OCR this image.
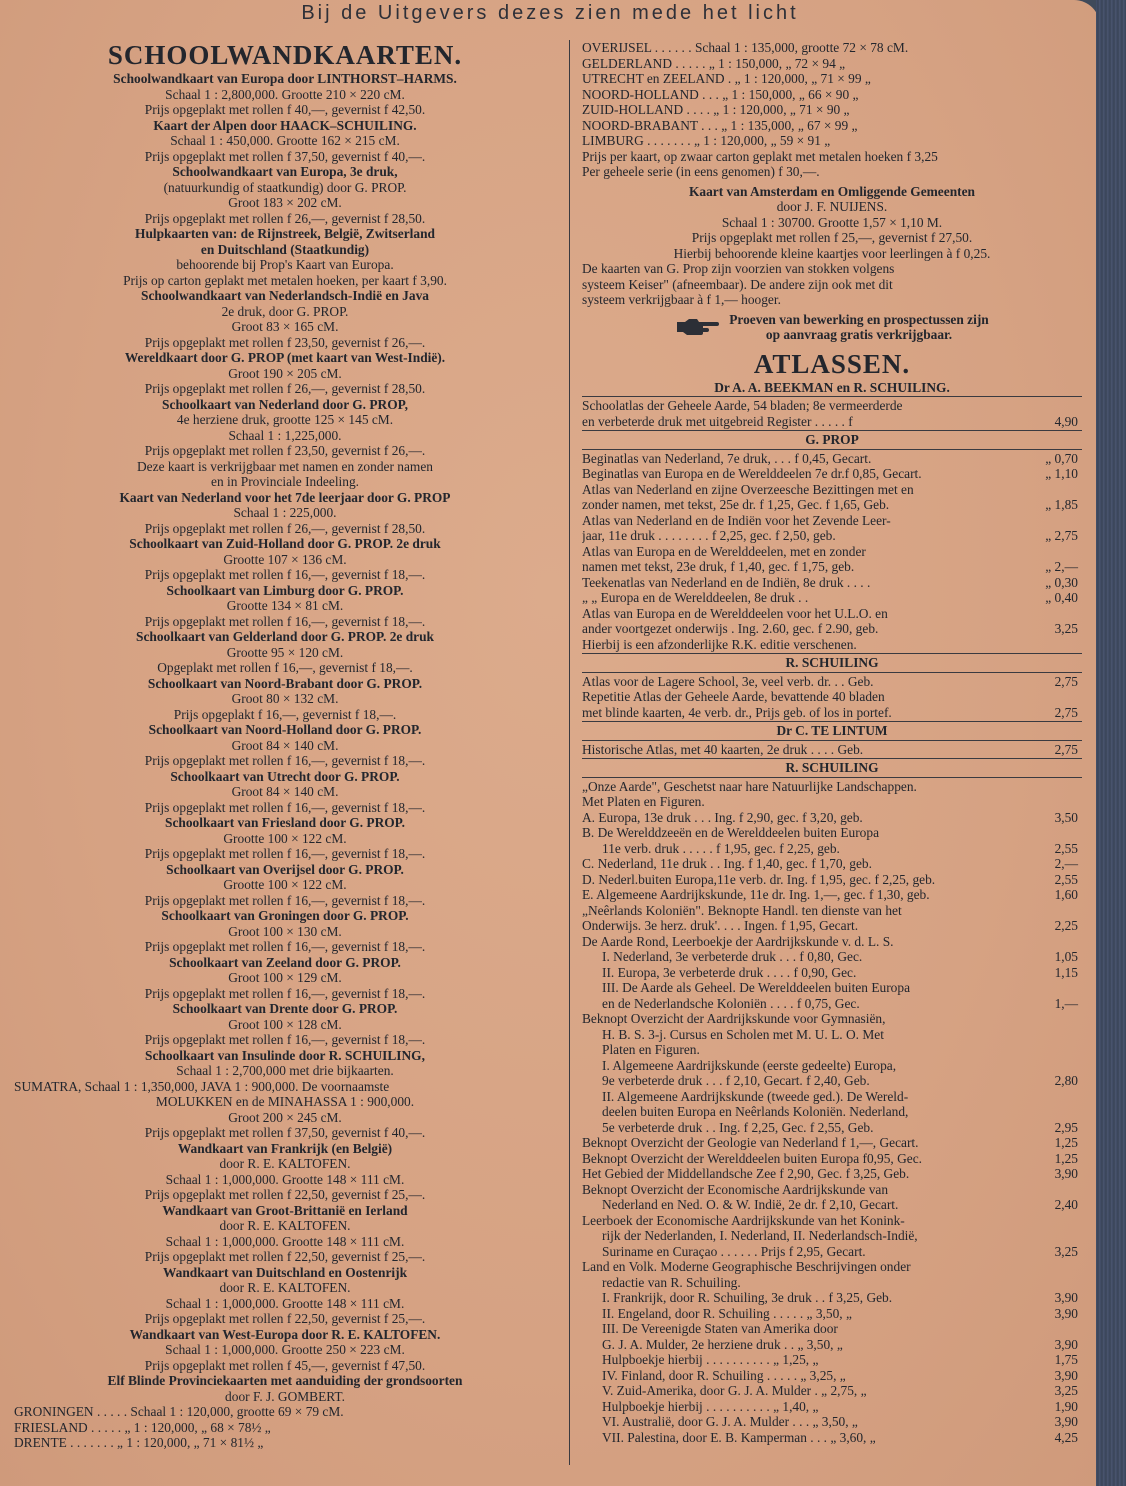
Bij de Uitgevers dezes zien mede het licht
SCHOOLWANDKAARTEN.
Schoolwandkaart van Europa door LINTHORST–HARMS.
Schaal 1 : 2,800,000. Grootte 210 × 220 cM.
Prijs opgeplakt met rollen f 40,—, gevernist f 42,50.
Kaart der Alpen door HAACK–SCHUILING.
Schaal 1 : 450,000. Grootte 162 × 215 cM.
Prijs opgeplakt met rollen f 37,50, gevernist f 40,—.
Schoolwandkaart van Europa, 3e druk,
(natuurkundig of staatkundig) door G. PROP.
Groot 183 × 202 cM.
Prijs opgeplakt met rollen f 26,—, gevernist f 28,50.
Hulpkaarten van: de Rijnstreek, België, Zwitserland
en Duitschland (Staatkundig)
behoorende bij Prop's Kaart van Europa.
Prijs op carton geplakt met metalen hoeken, per kaart f 3,90.
Schoolwandkaart van Nederlandsch-Indië en Java
2e druk, door G. PROP.
Groot 83 × 165 cM.
Prijs opgeplakt met rollen f 23,50, gevernist f 26,—.
Wereldkaart door G. PROP (met kaart van West-Indië).
Groot 190 × 205 cM.
Prijs opgeplakt met rollen f 26,—, gevernist f 28,50.
Schoolkaart van Nederland door G. PROP,
4e herziene druk, grootte 125 × 145 cM.
Schaal 1 : 1,225,000.
Prijs opgeplakt met rollen f 23,50, gevernist f 26,—.
Deze kaart is verkrijgbaar met namen en zonder namen
en in Provinciale Indeeling.
Kaart van Nederland voor het 7de leerjaar door G. PROP
Schaal 1 : 225,000.
Prijs opgeplakt met rollen f 26,—, gevernist f 28,50.
Schoolkaart van Zuid-Holland door G. PROP. 2e druk
Grootte 107 × 136 cM.
Prijs opgeplakt met rollen f 16,—, gevernist f 18,—.
Schoolkaart van Limburg door G. PROP.
Grootte 134 × 81 cM.
Prijs opgeplakt met rollen f 16,—, gevernist f 18,—.
Schoolkaart van Gelderland door G. PROP. 2e druk
Grootte 95 × 120 cM.
Opgeplakt met rollen f 16,—, gevernist f 18,—.
Schoolkaart van Noord-Brabant door G. PROP.
Groot 80 × 132 cM.
Prijs opgeplakt f 16,—, gevernist f 18,—.
Schoolkaart van Noord-Holland door G. PROP.
Groot 84 × 140 cM.
Prijs opgeplakt met rollen f 16,—, gevernist f 18,—.
Schoolkaart van Utrecht door G. PROP.
Groot 84 × 140 cM.
Prijs opgeplakt met rollen f 16,—, gevernist f 18,—.
Schoolkaart van Friesland door G. PROP.
Grootte 100 × 122 cM.
Prijs opgeplakt met rollen f 16,—, gevernist f 18,—.
Schoolkaart van Overijsel door G. PROP.
Grootte 100 × 122 cM.
Prijs opgeplakt met rollen f 16,—, gevernist f 18,—.
Schoolkaart van Groningen door G. PROP.
Groot 100 × 130 cM.
Prijs opgeplakt met rollen f 16,—, gevernist f 18,—.
Schoolkaart van Zeeland door G. PROP.
Groot 100 × 129 cM.
Prijs opgeplakt met rollen f 16,—, gevernist f 18,—.
Schoolkaart van Drente door G. PROP.
Groot 100 × 128 cM.
Prijs opgeplakt met rollen f 16,—, gevernist f 18,—.
Schoolkaart van Insulinde door R. SCHUILING,
Schaal 1 : 2,700,000 met drie bijkaarten.
SUMATRA, Schaal 1 : 1,350,000, JAVA 1 : 900,000. De voornaamste
MOLUKKEN en de MINAHASSA 1 : 900,000.
Groot 200 × 245 cM.
Prijs opgeplakt met rollen f 37,50, gevernist f 40,—.
Wandkaart van Frankrijk (en België)
door R. E. KALTOFEN.
Schaal 1 : 1,000,000. Grootte 148 × 111 cM.
Prijs opgeplakt met rollen f 22,50, gevernist f 25,—.
Wandkaart van Groot-Brittanië en Ierland
door R. E. KALTOFEN.
Schaal 1 : 1,000,000. Grootte 148 × 111 cM.
Prijs opgeplakt met rollen f 22,50, gevernist f 25,—.
Wandkaart van Duitschland en Oostenrijk
door R. E. KALTOFEN.
Schaal 1 : 1,000,000. Grootte 148 × 111 cM.
Prijs opgeplakt met rollen f 22,50, gevernist f 25,—.
Wandkaart van West-Europa door R. E. KALTOFEN.
Schaal 1 : 1,000,000. Grootte 250 × 223 cM.
Prijs opgeplakt met rollen f 45,—, gevernist f 47,50.
Elf Blinde Provinciekaarten met aanduiding der grondsoorten
door F. J. GOMBERT.
GRONINGEN . . . . . Schaal 1 : 120,000, grootte 69 × 79 cM.
FRIESLAND . . . . . „ 1 : 120,000, „ 68 × 78½ „
DRENTE . . . . . . . „ 1 : 120,000, „ 71 × 81½ „
OVERIJSEL . . . . . . Schaal 1 : 135,000, grootte 72 × 78 cM.
GELDERLAND . . . . . „ 1 : 150,000, „ 72 × 94 „
UTRECHT en ZEELAND . „ 1 : 120,000, „ 71 × 99 „
NOORD-HOLLAND . . . „ 1 : 150,000, „ 66 × 90 „
ZUID-HOLLAND . . . . „ 1 : 120,000, „ 71 × 90 „
NOORD-BRABANT . . . „ 1 : 135,000, „ 67 × 99 „
LIMBURG . . . . . . . „ 1 : 120,000, „ 59 × 91 „
Prijs per kaart, op zwaar carton geplakt met metalen hoeken f 3,25
Per geheele serie (in eens genomen) f 30,—.
Kaart van Amsterdam en Omliggende Gemeenten
door J. F. NUIJENS.
Schaal 1 : 30700. Grootte 1,57 × 1,10 M.
Prijs opgeplakt met rollen f 25,—, gevernist f 27,50.
Hierbij behoorende kleine kaartjes voor leerlingen à f 0,25.
De kaarten van G. Prop zijn voorzien van stokken volgens
systeem Keiser" (afneembaar). De andere zijn ook met dit
systeem verkrijgbaar à f 1,— hooger.
Proeven van bewerking en prospectussen zijn
op aanvraag gratis verkrijgbaar.
ATLASSEN.
Dr A. A. BEEKMAN en R. SCHUILING.
Schoolatlas der Geheele Aarde, 54 bladen; 8e vermeerderde
en verbeterde druk met uitgebreid Register . . . . . f	4,90
G. PROP
Beginatlas van Nederland, 7e druk, . . . f 0,45, Gecart.	„ 0,70
Beginatlas van Europa en de Werelddeelen 7e dr.f 0,85, Gecart.	„ 1,10
Atlas van Nederland en zijne Overzeesche Bezittingen met en
zonder namen, met tekst, 25e dr. f 1,25, Gec. f 1,65, Geb.	„ 1,85
Atlas van Nederland en de Indiën voor het Zevende Leer-
jaar, 11e druk . . . . . . . . f 2,25, gec. f 2,50, geb.	„ 2,75
Atlas van Europa en de Werelddeelen, met en zonder
namen met tekst, 23e druk, f 1,40, gec. f 1,75, geb.	„ 2,—
Teekenatlas van Nederland en de Indiën, 8e druk . . . .	„ 0,30
„ „ Europa en de Werelddeelen, 8e druk . .	„ 0,40
Atlas van Europa en de Werelddeelen voor het U.L.O. en
ander voortgezet onderwijs . Ing. 2.60, gec. f 2.90, geb.	3,25
Hierbij is een afzonderlijke R.K. editie verschenen.
R. SCHUILING
Atlas voor de Lagere School, 3e, veel verb. dr. . . Geb.	2,75
Repetitie Atlas der Geheele Aarde, bevattende 40 bladen
met blinde kaarten, 4e verb. dr., Prijs geb. of los in portef.	2,75
Dr C. TE LINTUM
Historische Atlas, met 40 kaarten, 2e druk . . . . Geb.	2,75
R. SCHUILING
„Onze Aarde", Geschetst naar hare Natuurlijke Landschappen.
Met Platen en Figuren.
A. Europa, 13e druk . . . Ing. f 2,90, gec. f 3,20, geb.	3,50
B. De Werelddzeeën en de Werelddeelen buiten Europa
11e verb. druk . . . . . f 1,95, gec. f 2,25, geb.	2,55
C. Nederland, 11e druk . . Ing. f 1,40, gec. f 1,70, geb.	2,—
D. Nederl.buiten Europa,11e verb. dr. Ing. f 1,95, gec. f 2,25, geb.	2,55
E. Algemeene Aardrijkskunde, 11e dr. Ing. 1,—, gec. f 1,30, geb.	1,60
„Neêrlands Koloniën". Beknopte Handl. ten dienste van het
Onderwijs. 3e herz. druk'. . . . Ingen. f 1,95, Gecart.	2,25
De Aarde Rond, Leerboekje der Aardrijkskunde v. d. L. S.
I. Nederland, 3e verbeterde druk . . . f 0,80, Gec.	1,05
II. Europa, 3e verbeterde druk . . . . f 0,90, Gec.	1,15
III. De Aarde als Geheel. De Werelddeelen buiten Europa
en de Nederlandsche Koloniën . . . . f 0,75, Gec.	1,—
Beknopt Overzicht der Aardrijkskunde voor Gymnasiën,
H. B. S. 3-j. Cursus en Scholen met M. U. L. O. Met
Platen en Figuren.
I. Algemeene Aardrijkskunde (eerste gedeelte) Europa,
9e verbeterde druk . . . f 2,10, Gecart. f 2,40, Geb.	2,80
II. Algemeene Aardrijkskunde (tweede ged.). De Wereld-
deelen buiten Europa en Neêrlands Koloniën. Nederland,
5e verbeterde druk . . Ing. f 2,25, Gec. f 2,55, Geb.	2,95
Beknopt Overzicht der Geologie van Nederland f 1,—, Gecart.	1,25
Beknopt Overzicht der Werelddeelen buiten Europa f0,95, Gec.	1,25
Het Gebied der Middellandsche Zee f 2,90, Gec. f 3,25, Geb.	3,90
Beknopt Overzicht der Economische Aardrijkskunde van
Nederland en Ned. O. & W. Indië, 2e dr. f 2,10, Gecart.	2,40
Leerboek der Economische Aardrijkskunde van het Konink-
rijk der Nederlanden, I. Nederland, II. Nederlandsch-Indië,
Suriname en Curaçao . . . . . . Prijs f 2,95, Gecart.	3,25
Land en Volk. Moderne Geographische Beschrijvingen onder
redactie van R. Schuiling.
I. Frankrijk, door R. Schuiling, 3e druk . . f 3,25, Geb.	3,90
II. Engeland, door R. Schuiling . . . . . „ 3,50, „	3,90
III. De Vereenigde Staten van Amerika door
G. J. A. Mulder, 2e herziene druk . . „ 3,50, „	3,90
Hulpboekje hierbij . . . . . . . . . . „ 1,25, „	1,75
IV. Finland, door R. Schuiling . . . . . „ 3,25, „	3,90
V. Zuid-Amerika, door G. J. A. Mulder . „ 2,75, „	3,25
Hulpboekje hierbij . . . . . . . . . . „ 1,40, „	1,90
VI. Australië, door G. J. A. Mulder . . . „ 3,50, „	3,90
VII. Palestina, door E. B. Kamperman . . . „ 3,60, „	4,25
